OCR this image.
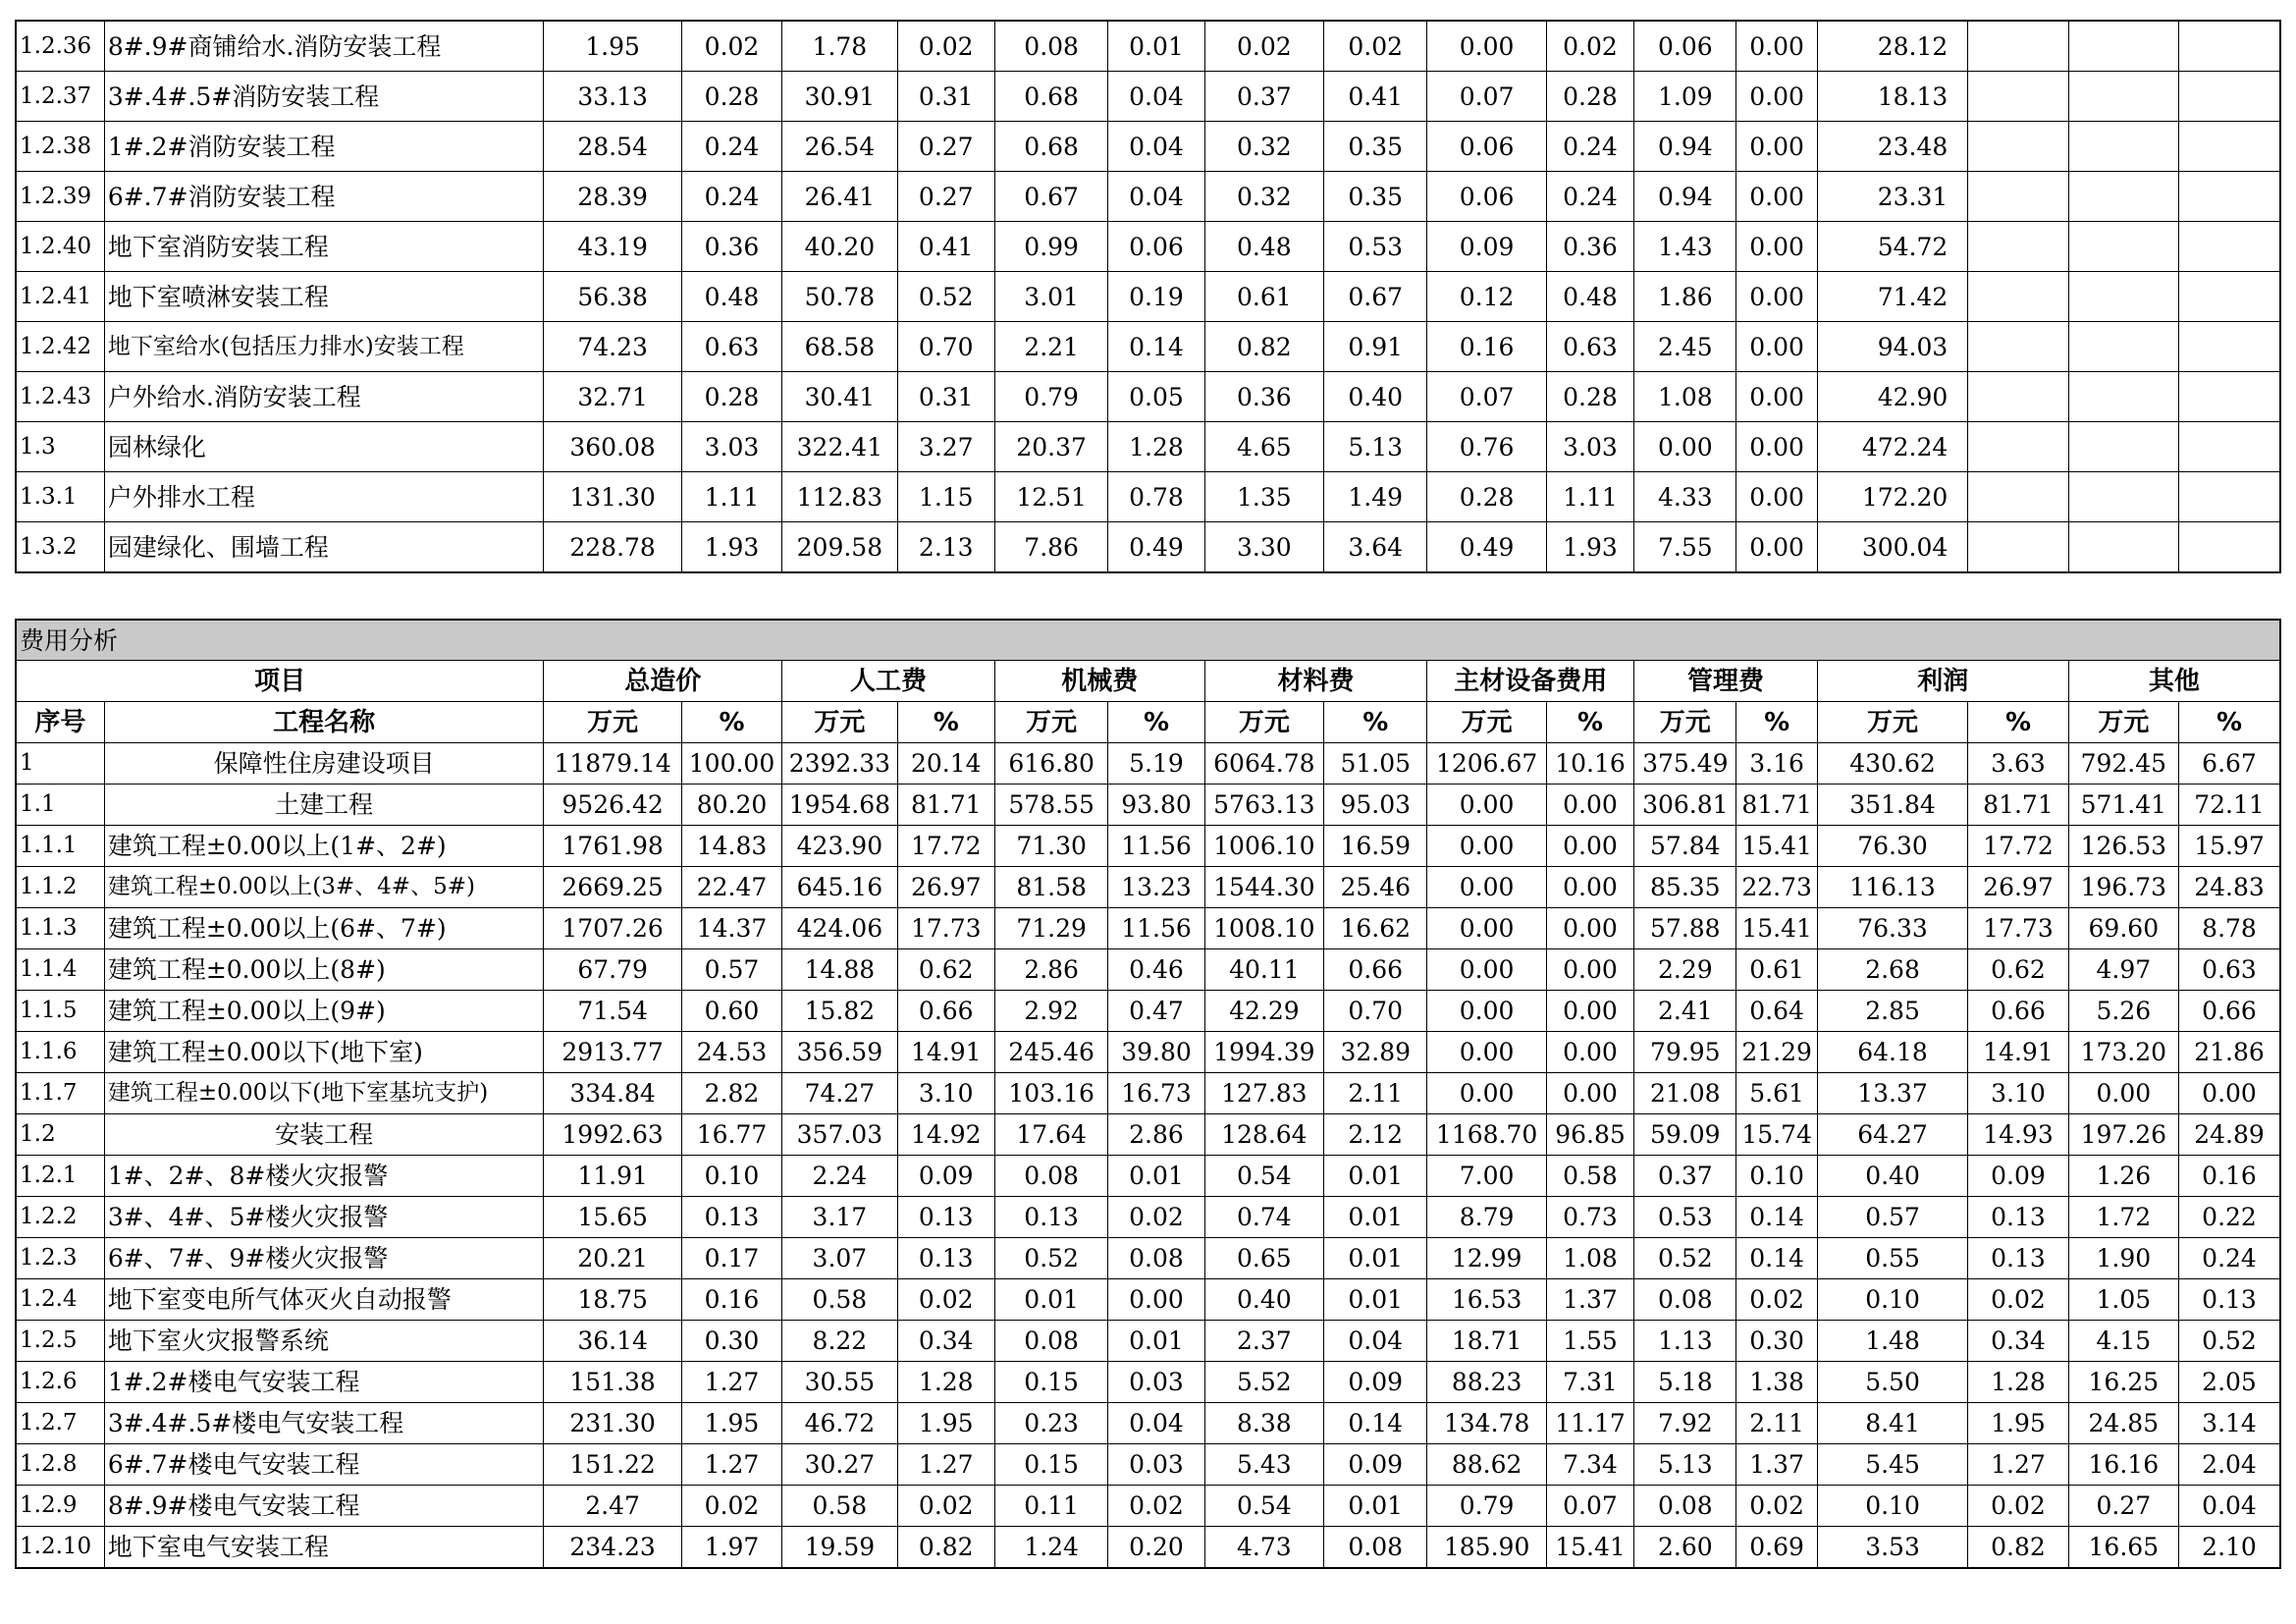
1.2.36	8#.9#商铺给水.消防安装工程	1.95	0.02	1.78	0.02	0.08	0.01	0.02	0.02	0.00	0.02	0.06	0.00	28.12			
1.2.37	3#.4#.5#消防安装工程	33.13	0.28	30.91	0.31	0.68	0.04	0.37	0.41	0.07	0.28	1.09	0.00	18.13			
1.2.38	1#.2#消防安装工程	28.54	0.24	26.54	0.27	0.68	0.04	0.32	0.35	0.06	0.24	0.94	0.00	23.48			
1.2.39	6#.7#消防安装工程	28.39	0.24	26.41	0.27	0.67	0.04	0.32	0.35	0.06	0.24	0.94	0.00	23.31			
1.2.40	地下室消防安装工程	43.19	0.36	40.20	0.41	0.99	0.06	0.48	0.53	0.09	0.36	1.43	0.00	54.72			
1.2.41	地下室喷淋安装工程	56.38	0.48	50.78	0.52	3.01	0.19	0.61	0.67	0.12	0.48	1.86	0.00	71.42			
1.2.42	地下室给水(包括压力排水)安装工程	74.23	0.63	68.58	0.70	2.21	0.14	0.82	0.91	0.16	0.63	2.45	0.00	94.03			
1.2.43	户外给水.消防安装工程	32.71	0.28	30.41	0.31	0.79	0.05	0.36	0.40	0.07	0.28	1.08	0.00	42.90			
1.3	园林绿化	360.08	3.03	322.41	3.27	20.37	1.28	4.65	5.13	0.76	3.03	0.00	0.00	472.24			
1.3.1	户外排水工程	131.30	1.11	112.83	1.15	12.51	0.78	1.35	1.49	0.28	1.11	4.33	0.00	172.20			
1.3.2	园建绿化、围墙工程	228.78	1.93	209.58	2.13	7.86	0.49	3.30	3.64	0.49	1.93	7.55	0.00	300.04			
费用分析																	
项目		总造价		人工费		机械费		材料费		主材设备费用		管理费		利润		其他	
序号	工程名称	万元	%	万元	%	万元	%	万元	%	万元	%	万元	%	万元	%	万元	%
1	保障性住房建设项目	11879.14	100.00	2392.33	20.14	616.80	5.19	6064.78	51.05	1206.67	10.16	375.49	3.16	430.62	3.63	792.45	6.67
1.1	土建工程	9526.42	80.20	1954.68	81.71	578.55	93.80	5763.13	95.03	0.00	0.00	306.81	81.71	351.84	81.71	571.41	72.11
1.1.1	建筑工程±0.00以上(1#、2#)	1761.98	14.83	423.90	17.72	71.30	11.56	1006.10	16.59	0.00	0.00	57.84	15.41	76.30	17.72	126.53	15.97
1.1.2	建筑工程±0.00以上(3#、4#、5#)	2669.25	22.47	645.16	26.97	81.58	13.23	1544.30	25.46	0.00	0.00	85.35	22.73	116.13	26.97	196.73	24.83
1.1.3	建筑工程±0.00以上(6#、7#)	1707.26	14.37	424.06	17.73	71.29	11.56	1008.10	16.62	0.00	0.00	57.88	15.41	76.33	17.73	69.60	8.78
1.1.4	建筑工程±0.00以上(8#)	67.79	0.57	14.88	0.62	2.86	0.46	40.11	0.66	0.00	0.00	2.29	0.61	2.68	0.62	4.97	0.63
1.1.5	建筑工程±0.00以上(9#)	71.54	0.60	15.82	0.66	2.92	0.47	42.29	0.70	0.00	0.00	2.41	0.64	2.85	0.66	5.26	0.66
1.1.6	建筑工程±0.00以下(地下室)	2913.77	24.53	356.59	14.91	245.46	39.80	1994.39	32.89	0.00	0.00	79.95	21.29	64.18	14.91	173.20	21.86
1.1.7	建筑工程±0.00以下(地下室基坑支护)	334.84	2.82	74.27	3.10	103.16	16.73	127.83	2.11	0.00	0.00	21.08	5.61	13.37	3.10	0.00	0.00
1.2	安装工程	1992.63	16.77	357.03	14.92	17.64	2.86	128.64	2.12	1168.70	96.85	59.09	15.74	64.27	14.93	197.26	24.89
1.2.1	1#、2#、8#楼火灾报警	11.91	0.10	2.24	0.09	0.08	0.01	0.54	0.01	7.00	0.58	0.37	0.10	0.40	0.09	1.26	0.16
1.2.2	3#、4#、5#楼火灾报警	15.65	0.13	3.17	0.13	0.13	0.02	0.74	0.01	8.79	0.73	0.53	0.14	0.57	0.13	1.72	0.22
1.2.3	6#、7#、9#楼火灾报警	20.21	0.17	3.07	0.13	0.52	0.08	0.65	0.01	12.99	1.08	0.52	0.14	0.55	0.13	1.90	0.24
1.2.4	地下室变电所气体灭火自动报警	18.75	0.16	0.58	0.02	0.01	0.00	0.40	0.01	16.53	1.37	0.08	0.02	0.10	0.02	1.05	0.13
1.2.5	地下室火灾报警系统	36.14	0.30	8.22	0.34	0.08	0.01	2.37	0.04	18.71	1.55	1.13	0.30	1.48	0.34	4.15	0.52
1.2.6	1#.2#楼电气安装工程	151.38	1.27	30.55	1.28	0.15	0.03	5.52	0.09	88.23	7.31	5.18	1.38	5.50	1.28	16.25	2.05
1.2.7	3#.4#.5#楼电气安装工程	231.30	1.95	46.72	1.95	0.23	0.04	8.38	0.14	134.78	11.17	7.92	2.11	8.41	1.95	24.85	3.14
1.2.8	6#.7#楼电气安装工程	151.22	1.27	30.27	1.27	0.15	0.03	5.43	0.09	88.62	7.34	5.13	1.37	5.45	1.27	16.16	2.04
1.2.9	8#.9#楼电气安装工程	2.47	0.02	0.58	0.02	0.11	0.02	0.54	0.01	0.79	0.07	0.08	0.02	0.10	0.02	0.27	0.04
1.2.10	地下室电气安装工程	234.23	1.97	19.59	0.82	1.24	0.20	4.73	0.08	185.90	15.41	2.60	0.69	3.53	0.82	16.65	2.10
